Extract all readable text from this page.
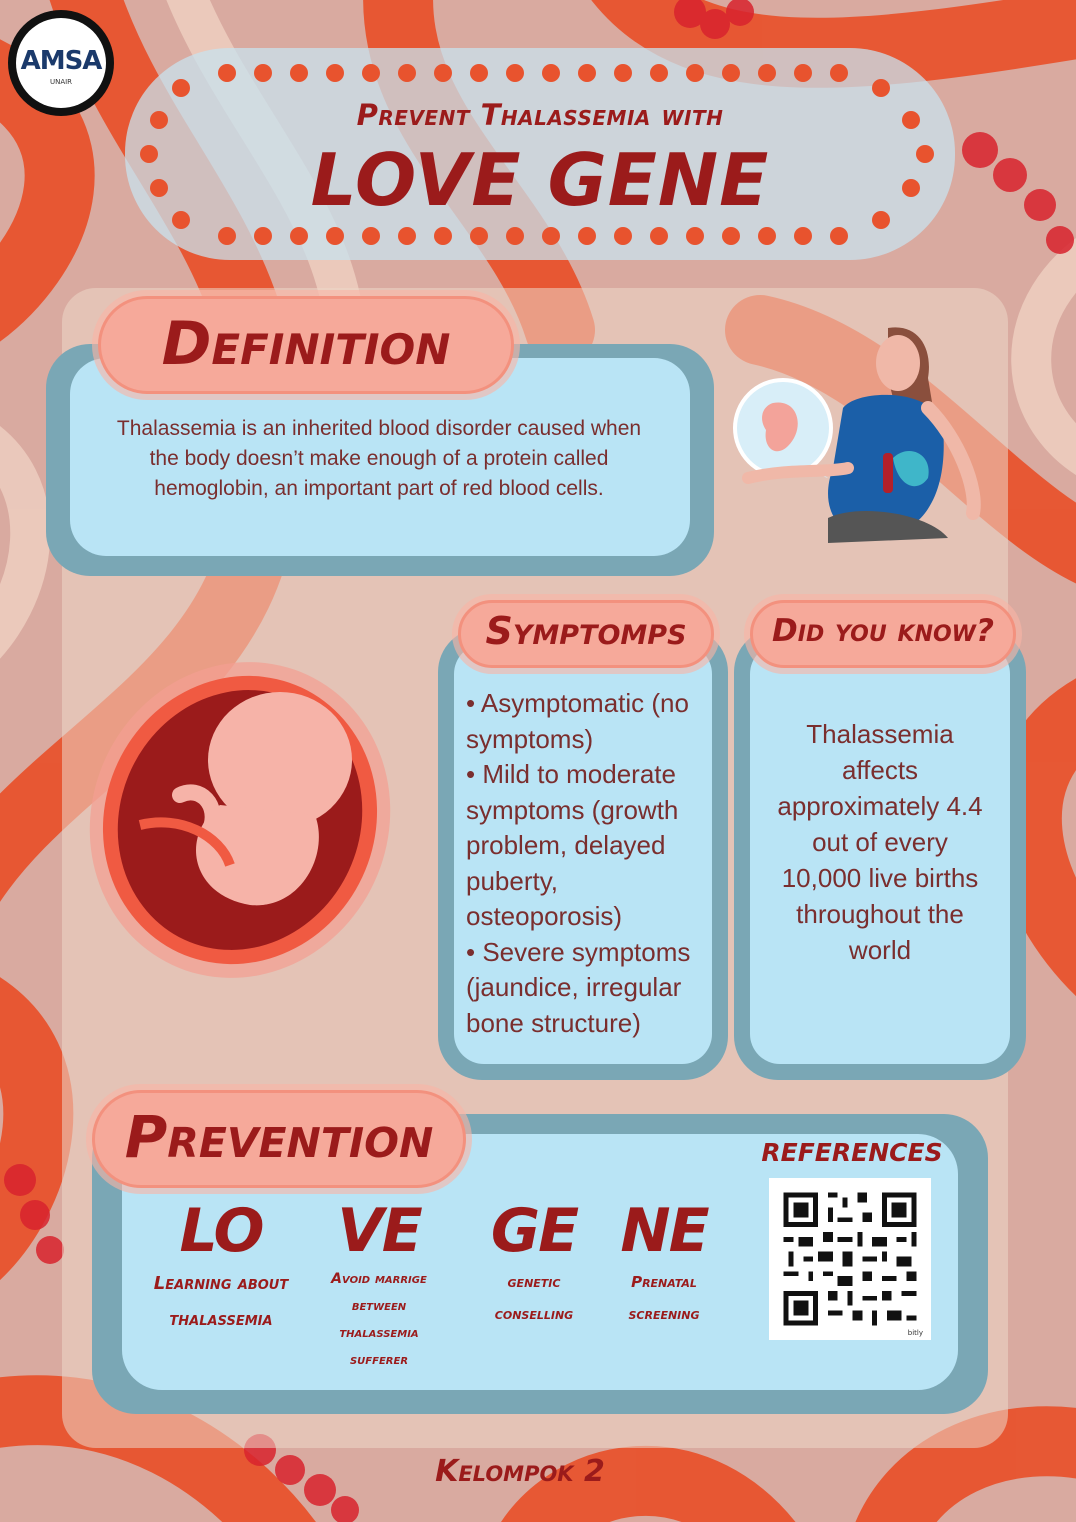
AMSA
UNAIR
Prevent Thalassemia with
LOVE GENE
Thalassemia is an inherited blood disorder caused when the body doesn’t make enough of a protein called hemoglobin, an important part of red blood cells.
Definition
• Asymptomatic (no symptoms)
• Mild to moderate symptoms (growth problem, delayed puberty, osteoporosis)
• Severe symptoms (jaundice, irregular bone structure)
Symptomps
Thalassemia affects approximately 4.4 out of every 10,000 live births throughout the world
Did you know?
Prevention
LO
Learning about thalassemia
VE
Avoid marrige between thalassemia sufferer
GE
genetic conselling
NE
Prenatal screening
REFERENCES
bitly
Kelompok 2
